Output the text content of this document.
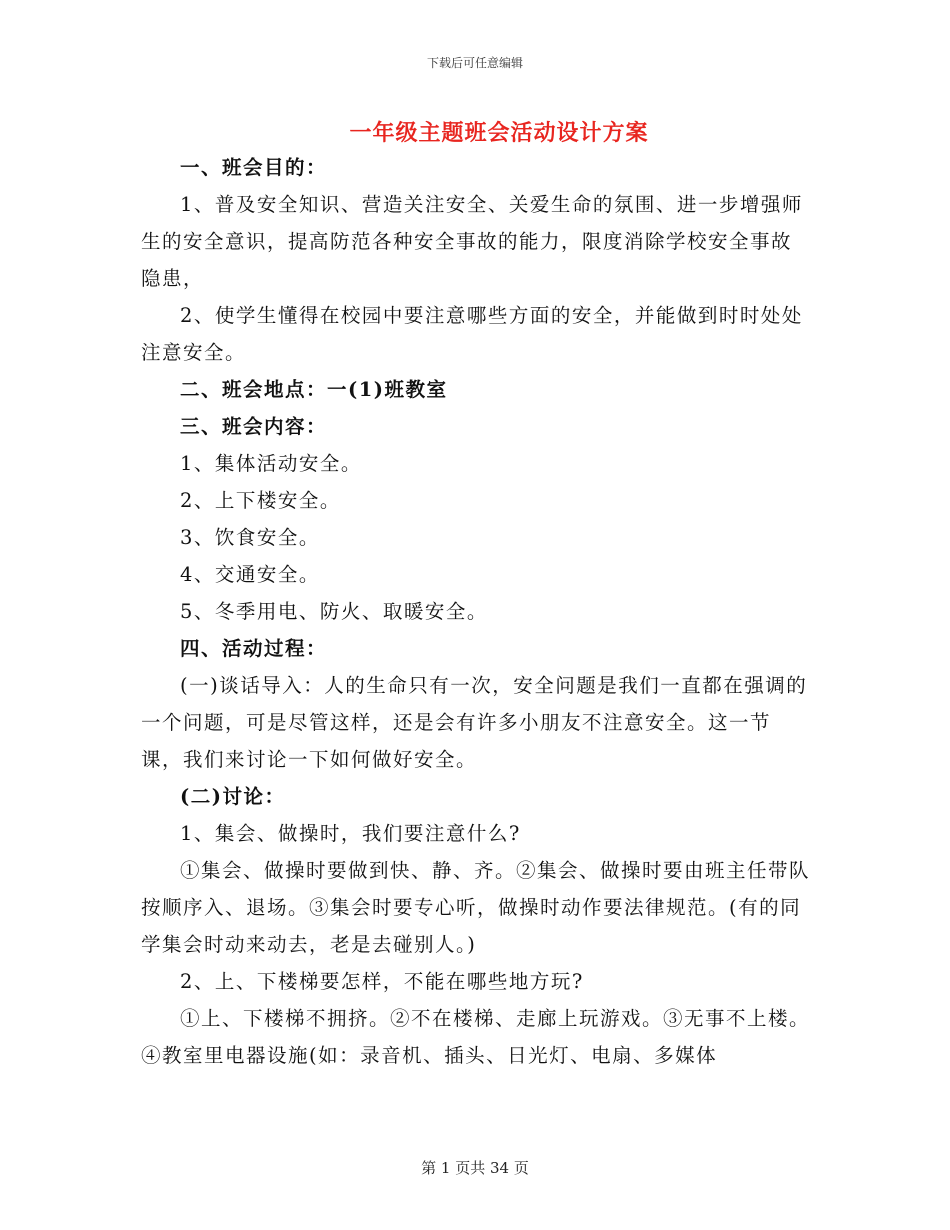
下载后可任意编辑
一年级主题班会活动设计方案

一、班会目的：

1、普及安全知识、营造关注安全、关爱生命的氛围、进一步增强师生的安全意识，提高防范各种安全事故的能力，限度消除学校安全事故隐患，

2、使学生懂得在校园中要注意哪些方面的安全，并能做到时时处处注意安全。

二、班会地点：一(1)班教室

三、班会内容：

1、集体活动安全。

2、上下楼安全。

3、饮食安全。

4、交通安全。

5、冬季用电、防火、取暖安全。

四、活动过程：

(一)谈话导入：人的生命只有一次，安全问题是我们一直都在强调的一个问题，可是尽管这样，还是会有许多小朋友不注意安全。这一节课，我们来讨论一下如何做好安全。

(二)讨论：

1、集会、做操时，我们要注意什么?

①集会、做操时要做到快、静、齐。②集会、做操时要由班主任带队按顺序入、退场。③集会时要专心听，做操时动作要法律规范。(有的同学集会时动来动去，老是去碰别人。)

2、上、下楼梯要怎样，不能在哪些地方玩?

①上、下楼梯不拥挤。②不在楼梯、走廊上玩游戏。③无事不上楼。④教室里电器设施(如：录音机、插头、日光灯、电扇、多媒体

第 1 页共 34 页
